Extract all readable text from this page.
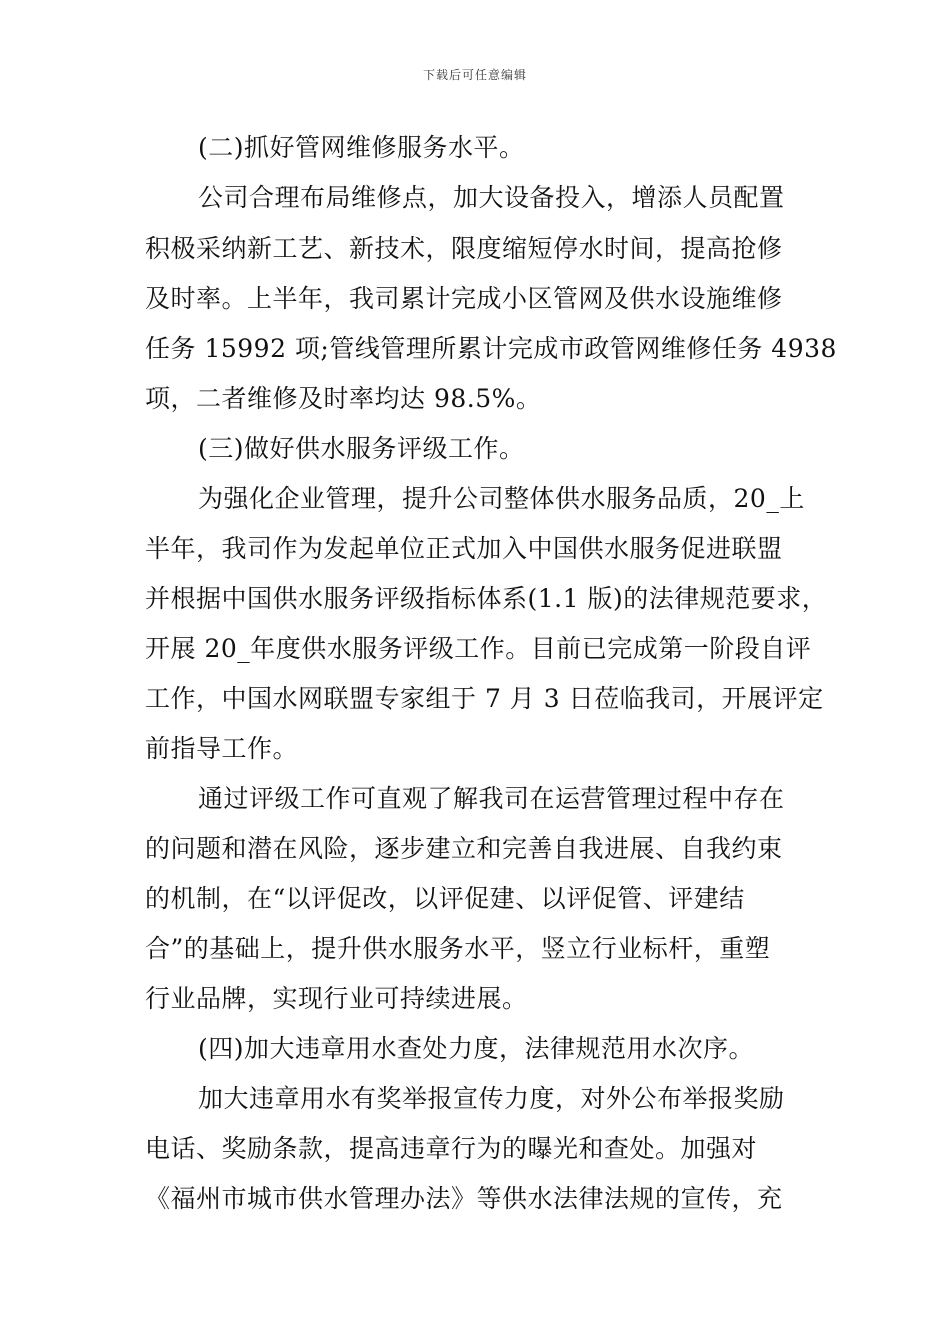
下载后可任意编辑
(二)抓好管网维修服务水平。
公司合理布局维修点，加大设备投入，增添人员配置
积极采纳新工艺、新技术，限度缩短停水时间，提高抢修
及时率。上半年，我司累计完成小区管网及供水设施维修
任务 15992 项;管线管理所累计完成市政管网维修任务 4938
项，二者维修及时率均达 98.5%。
(三)做好供水服务评级工作。
为强化企业管理，提升公司整体供水服务品质，20_上
半年，我司作为发起单位正式加入中国供水服务促进联盟
并根据中国供水服务评级指标体系(1.1 版)的法律规范要求，
开展 20_年度供水服务评级工作。目前已完成第一阶段自评
工作，中国水网联盟专家组于 7 月 3 日莅临我司，开展评定
前指导工作。
通过评级工作可直观了解我司在运营管理过程中存在
的问题和潜在风险，逐步建立和完善自我进展、自我约束
的机制，在“以评促改，以评促建、以评促管、评建结
合”的基础上，提升供水服务水平，竖立行业标杆，重塑
行业品牌，实现行业可持续进展。
(四)加大违章用水查处力度，法律规范用水次序。
加大违章用水有奖举报宣传力度，对外公布举报奖励
电话、奖励条款，提高违章行为的曝光和查处。加强对
《福州市城市供水管理办法》等供水法律法规的宣传，充
